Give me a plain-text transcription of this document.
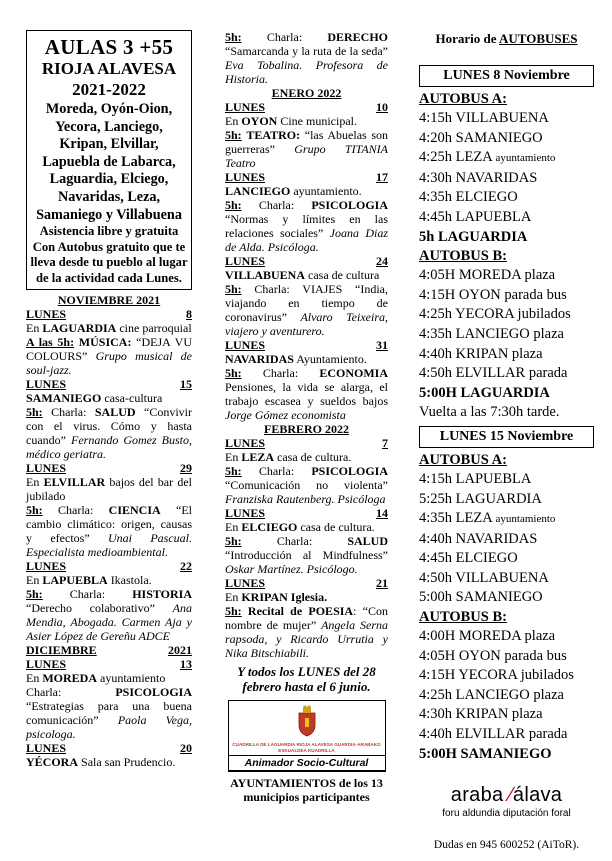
AULAS 3 +55
RIOJA ALAVESA
2021-2022
Moreda, Oyón-Oion, Yecora, Lanciego, Kripan, Elvillar, Lapuebla de Labarca, Laguardia, Elciego, Navaridas, Leza, Samaniego y Villabuena
Asistencia libre y gratuita Con Autobus gratuito que te lleva desde tu pueblo al lugar de la actividad cada Lunes.
NOVIEMBRE 2021
LUNES	8
En LAGUARDIA cine parroquial
A las 5h: MÚSICA: “DEJA VU COLOURS” Grupo musical de soul-jazz.
LUNES	15
SAMANIEGO casa-cultura
5h: Charla: SALUD “Convivir con el virus. Cómo y hasta cuando” Fernando Gomez Busto, médico geriatra.
LUNES	29
En ELVILLAR bajos del bar del jubilado
5h: Charla: CIENCIA “El cambio climático: origen, causas y efectos” Unai Pascual. Especialista medioambiental.
LUNES	22
En LAPUEBLA Ikastola.
5h: Charla: HISTORIA “Derecho colaborativo” Ana Mendia, Abogada. Carmen Aja y Asier López de Gereñu ADCE
DICIEMBRE	2021
LUNES	13
En MOREDA ayuntamiento
Charla:	PSICOLOGIA “Estrategias para una buena comunicación” Paola Vega, psicologa.
LUNES	20
YÉCORA Sala san Prudencio.
5h: Charla: DERECHO “Samarcanda y la ruta de la seda” Eva Tobalina. Profesora de Historia.
ENERO 2022
LUNES	10
En OYON Cine municipal.
5h: TEATRO: “las Abuelas son guerreras” Grupo TITANIA Teatro
LUNES	17
LANCIEGO ayuntamiento.
5h: Charla: PSICOLOGIA “Normas y límites en las relaciones sociales” Joana Diaz de Alda. Psicóloga.
LUNES	24
VILLABUENA casa de cultura
5h: Charla: VIAJES “India, viajando en tiempo de coronavirus” Alvaro Teixeira, viajero y aventurero.
LUNES	31
NAVARIDAS Ayuntamiento.
5h: Charla: ECONOMIA Pensiones, la vida se alarga, el trabajo escasea y sueldos bajos Jorge Gómez economista
FEBRERO 2022
LUNES	7
En LEZA casa de cultura.
5h: Charla: PSICOLOGIA “Comunicación no violenta” Franziska Rautenberg. Psicóloga
LUNES	14
En ELCIEGO casa de cultura.
5h:	Charla:	SALUD “Introducción al Mindfulness” Oskar Martínez. Psicólogo.
LUNES	21
En KRIPAN Iglesia.
5h: Recital de POESIA: “Con nombre de mujer” Angela Serna rapsoda, y Ricardo Urrutia y Nika Bitschiabili.
Y todos los LUNES del 28 febrero hasta el 6 junio.
CUADRILLA DE LAGUARDIA RIOJA ALAVESA GUARDIA-ARABAKO ESKUALDEA KUADRILLA
Animador Socio-Cultural
AYUNTAMIENTOS de los 13 municipios participantes
Horario de AUTOBUSES
LUNES 8 Noviembre
AUTOBUS A:
4:15h VILLABUENA
4:20h SAMANIEGO
4:25h LEZA ayuntamiento
4:30h NAVARIDAS
4:35h ELCIEGO
4:45h LAPUEBLA
5h LAGUARDIA
AUTOBUS B:
4:05H MOREDA plaza
4:15H OYON parada bus
4:25h YECORA jubilados
4:35h LANCIEGO plaza
4:40h KRIPAN plaza
4:50h ELVILLAR parada
5:00H LAGUARDIA
Vuelta a las 7:30h tarde.
LUNES 15 Noviembre
AUTOBUS A:
4:15h LAPUEBLA
5:25h LAGUARDIA
4:35h LEZA ayuntamiento
4:40h NAVARIDAS
4:45h ELCIEGO
4:50h VILLABUENA
5:00h SAMANIEGO
AUTOBUS B:
4:00H MOREDA plaza
4:05H OYON parada bus
4:15H YECORA jubilados
4:25h LANCIEGO plaza
4:30h KRIPAN plaza
4:40h ELVILLAR parada
5:00H SAMANIEGO
araba ⁄álava
foru aldundia diputación foral
Dudas en 945 600252 (AiToR).
